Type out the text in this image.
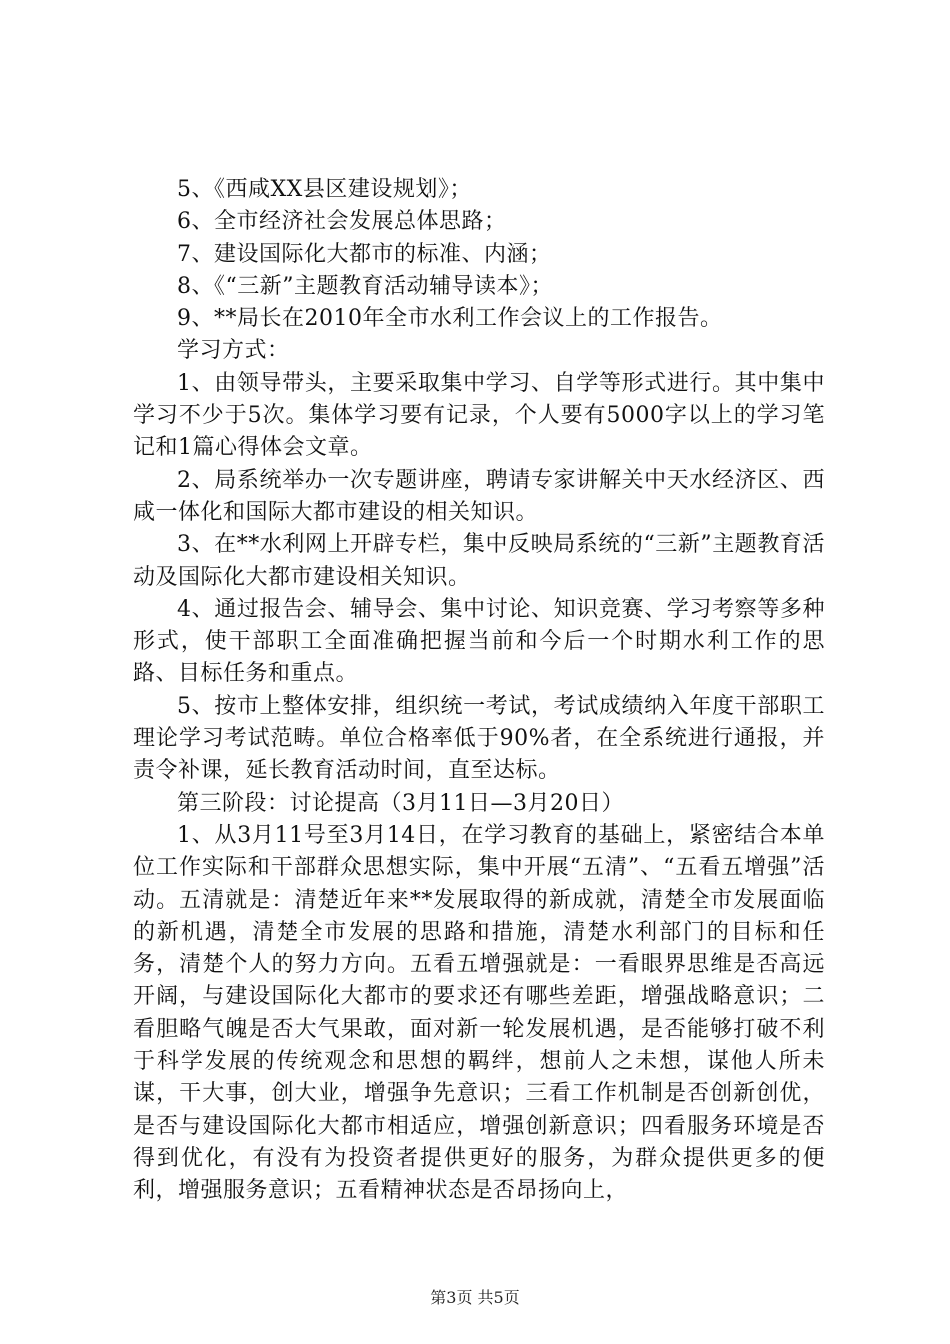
5、《西咸XX县区建设规划》；

6、全市经济社会发展总体思路；

7、建设国际化大都市的标准、内涵；

8、《“三新”主题教育活动辅导读本》；

9、**局长在2010年全市水利工作会议上的工作报告。

学习方式：

1、由领导带头，主要采取集中学习、自学等形式进行。其中集中学习不少于5次。集体学习要有记录，个人要有5000字以上的学习笔记和1篇心得体会文章。

2、局系统举办一次专题讲座，聘请专家讲解关中天水经济区、西咸一体化和国际大都市建设的相关知识。

3、在**水利网上开辟专栏，集中反映局系统的“三新”主题教育活动及国际化大都市建设相关知识。

4、通过报告会、辅导会、集中讨论、知识竞赛、学习考察等多种形式，使干部职工全面准确把握当前和今后一个时期水利工作的思路、目标任务和重点。

5、按市上整体安排，组织统一考试，考试成绩纳入年度干部职工理论学习考试范畴。单位合格率低于90%者，在全系统进行通报，并责令补课，延长教育活动时间，直至达标。

第三阶段：讨论提高（3月11日—3月20日）

1、从3月11号至3月14日，在学习教育的基础上，紧密结合本单位工作实际和干部群众思想实际，集中开展“五清”、“五看五增强”活动。五清就是：清楚近年来**发展取得的新成就，清楚全市发展面临的新机遇，清楚全市发展的思路和措施，清楚水利部门的目标和任务，清楚个人的努力方向。五看五增强就是：一看眼界思维是否高远开阔，与建设国际化大都市的要求还有哪些差距，增强战略意识；二看胆略气魄是否大气果敢，面对新一轮发展机遇，是否能够打破不利于科学发展的传统观念和思想的羁绊，想前人之未想，谋他人所未谋，干大事，创大业，增强争先意识；三看工作机制是否创新创优，是否与建设国际化大都市相适应，增强创新意识；四看服务环境是否得到优化，有没有为投资者提供更好的服务，为群众提供更多的便利，增强服务意识；五看精神状态是否昂扬向上，

第3页 共5页
